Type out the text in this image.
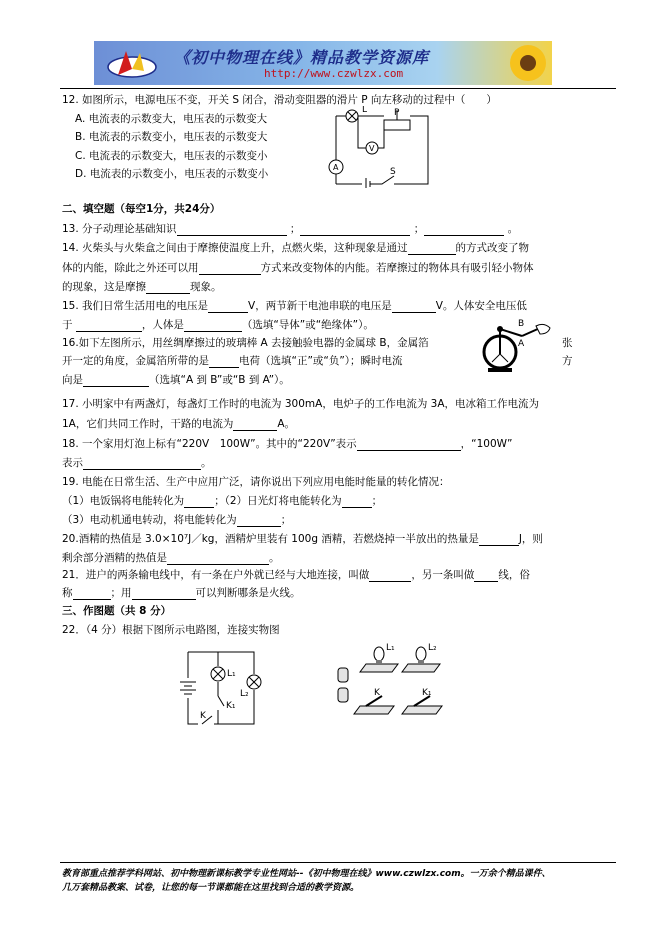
《初中物理在线》精品教学资源库
http://www.czwlzx.com
12. 如图所示，电源电压不变，开关 S 闭合，滑动变阻器的滑片 P 向左移动的过程中（　　）
A. 电流表的示数变大，电压表的示数变大
B. 电流表的示数变小，电压表的示数变大
C. 电流表的示数变大，电压表的示数变小
D. 电流表的示数变小，电压表的示数变小
L	P
V
A	S
二、填空题（每空1分，共24分）
13. 分子动理论基础知识	；	；	。
14. 火柴头与火柴盒之间由于摩擦使温度上升，点燃火柴，这种现象是通过	的方式改变了物
体的内能，除此之外还可以用	方式来改变物体的内能。若摩擦过的物体具有吸引轻小物体
的现象，这是摩擦	现象。
15. 我们日常生活用电的电压是	V，两节新干电池串联的电压是	V。人体安全电压低
于	，人体是	（选填“导体”或“绝缘体”）。
16.如下左图所示，用丝绸摩擦过的玻璃棒 A 去接触验电器的金属球 B，金属箔	张
开一定的角度，金属箔所带的是	电荷（选填“正”或“负”）；瞬时电流	方
向是	（选填“A 到 B”或“B 到 A”）。
B
A
17. 小明家中有两盏灯，每盏灯工作时的电流为 300mA，电炉子的工作电流为 3A，电冰箱工作电流为
1A，它们共同工作时，干路的电流为	A。
18. 一个家用灯泡上标有“220V　100W”。其中的“220V”表示	，“100W”
表示	。
19. 电能在日常生活、生产中应用广泛，请你说出下列应用电能时能量的转化情况：
（1）电饭锅将电能转化为	；（2）日光灯将电能转化为	；
（3）电动机通电转动，将电能转化为	；
20.酒精的热值是 3.0×10⁷J／kg，酒精炉里装有 100g 酒精，若燃烧掉一半放出的热量是	J，则
剩余部分酒精的热值是	。
21．进户的两条输电线中，有一条在户外就已经与大地连接，叫做	，另一条叫做 线，俗
称	；用	可以判断哪条是火线。
三、作图题（共 8 分）
22．（4 分）根据下图所示电路图，连接实物图
L₁
L₂
K
K₁
L₁	L₂
K	K₁
教育部重点推荐学科网站、初中物理新课标教学专业性网站--《初中物理在线》www.czwlzx.com。一万余个精品课件、
几万套精品教案、试卷，让您的每一节课都能在这里找到合适的教学资源。
